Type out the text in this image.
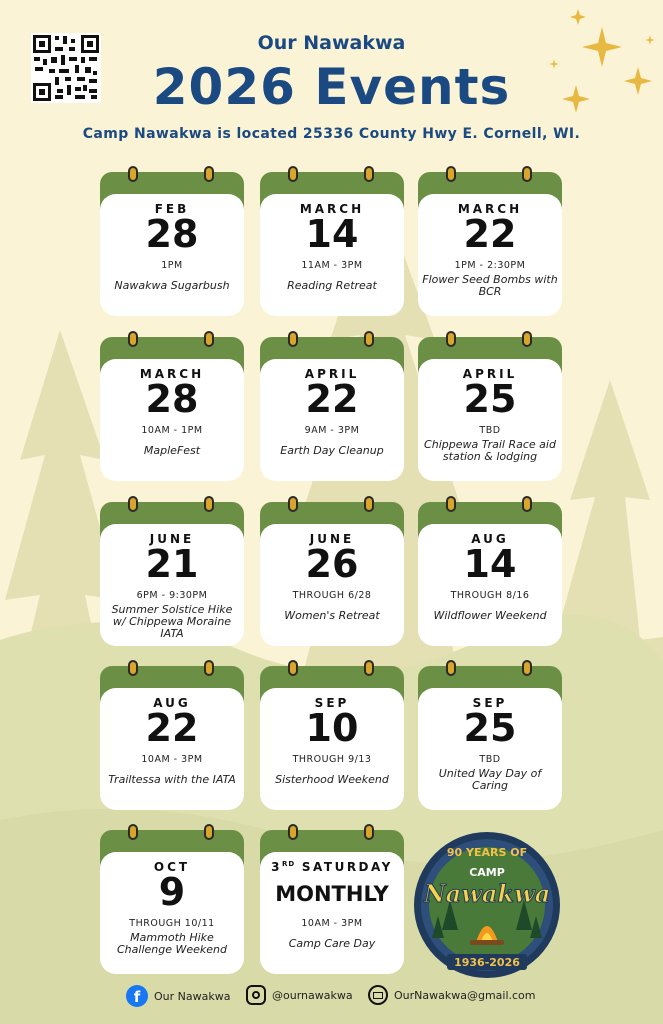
Our Nawakwa
2026 Events
Camp Nawakwa is located 25336 County Hwy E. Cornell, WI.
FEB
28
1PM
Nawakwa Sugarbush
MARCH
14
11AM - 3PM
Reading Retreat
MARCH
22
1PM - 2:30PM
Flower Seed Bombs with BCR
MARCH
28
10AM - 1PM
MapleFest
APRIL
22
9AM - 3PM
Earth Day Cleanup
APRIL
25
TBD
Chippewa Trail Race aid station & lodging
JUNE
21
6PM - 9:30PM
Summer Solstice Hike w/ Chippewa Moraine IATA
JUNE
26
THROUGH 6/28
Women's Retreat
AUG
14
THROUGH 8/16
Wildflower Weekend
AUG
22
10AM - 3PM
Trailtessa with the IATA
SEP
10
THROUGH 9/13
Sisterhood Weekend
SEP
25
TBD
United Way Day of Caring
OCT
9
THROUGH 10/11
Mammoth Hike Challenge Weekend
3RD SATURDAY
MONTHLY
10AM - 3PM
Camp Care Day
90 YEARS OF
CAMP
Nawakwa
1936-2026
f	Our Nawakwa	@ournawakwa	OurNawakwa@gmail.com
